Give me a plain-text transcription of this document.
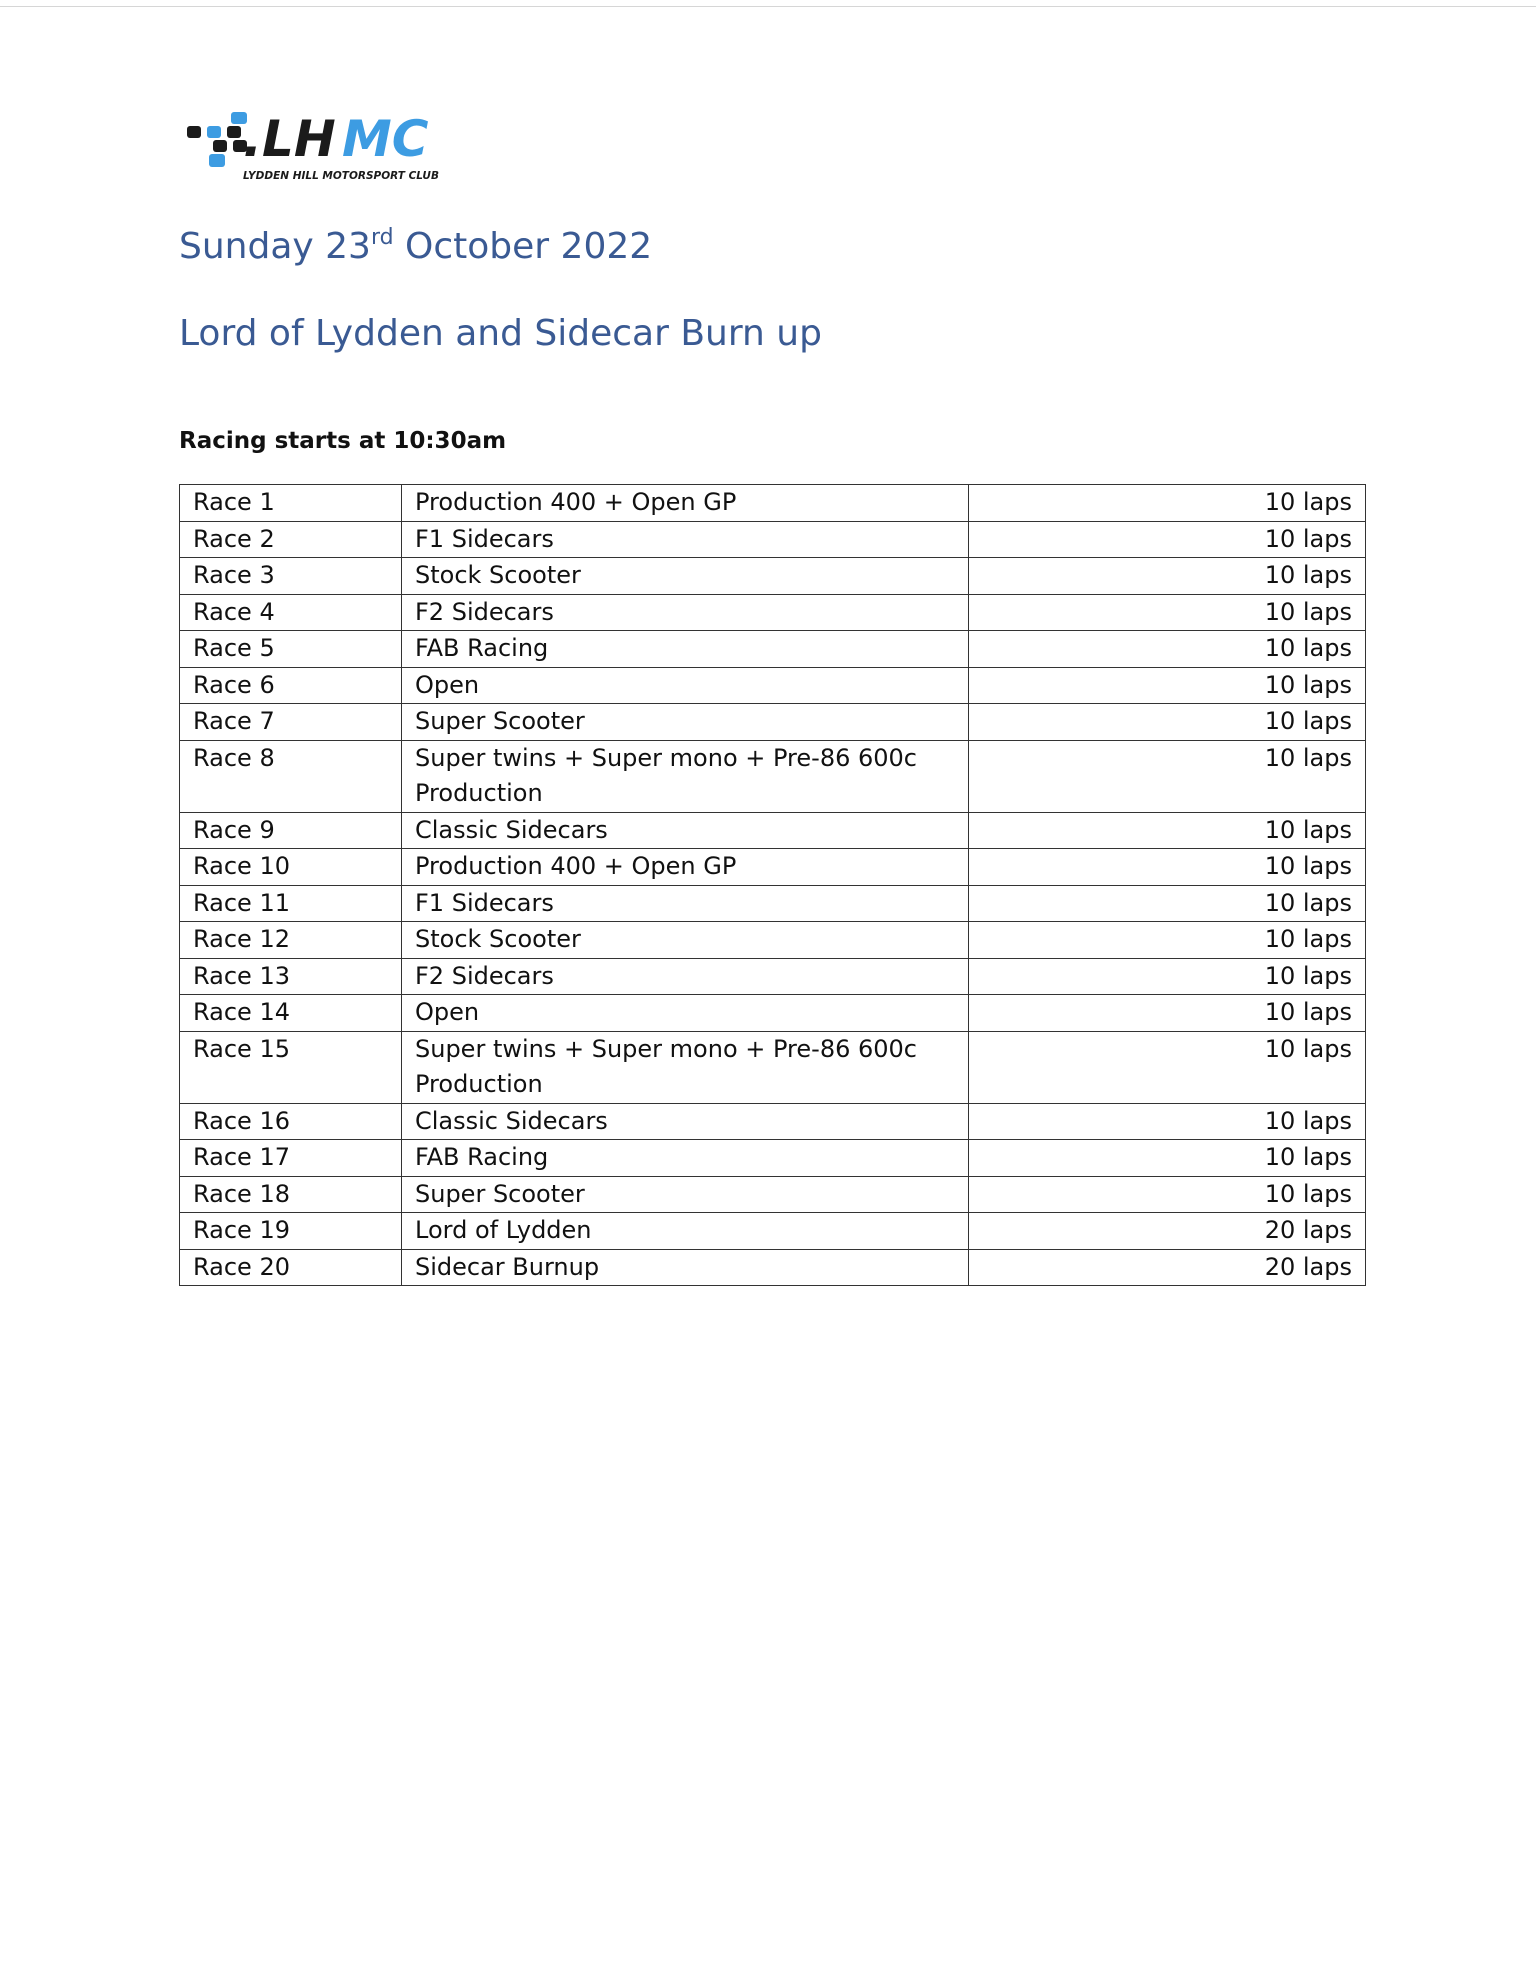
.LH MC
LYDDEN HILL MOTORSPORT CLUB
Sunday 23rd October 2022
Lord of Lydden and Sidecar Burn up
Racing starts at 10:30am
Race 1	Production 400 + Open GP	10 laps
Race 2	F1 Sidecars	10 laps
Race 3	Stock Scooter	10 laps
Race 4	F2 Sidecars	10 laps
Race 5	FAB Racing	10 laps
Race 6	Open	10 laps
Race 7	Super Scooter	10 laps
Race 8	Super twins + Super mono + Pre-86 600c Production	10 laps
Race 9	Classic Sidecars	10 laps
Race 10	Production 400 + Open GP	10 laps
Race 11	F1 Sidecars	10 laps
Race 12	Stock Scooter	10 laps
Race 13	F2 Sidecars	10 laps
Race 14	Open	10 laps
Race 15	Super twins + Super mono + Pre-86 600c Production	10 laps
Race 16	Classic Sidecars	10 laps
Race 17	FAB Racing	10 laps
Race 18	Super Scooter	10 laps
Race 19	Lord of Lydden	20 laps
Race 20	Sidecar Burnup	20 laps
